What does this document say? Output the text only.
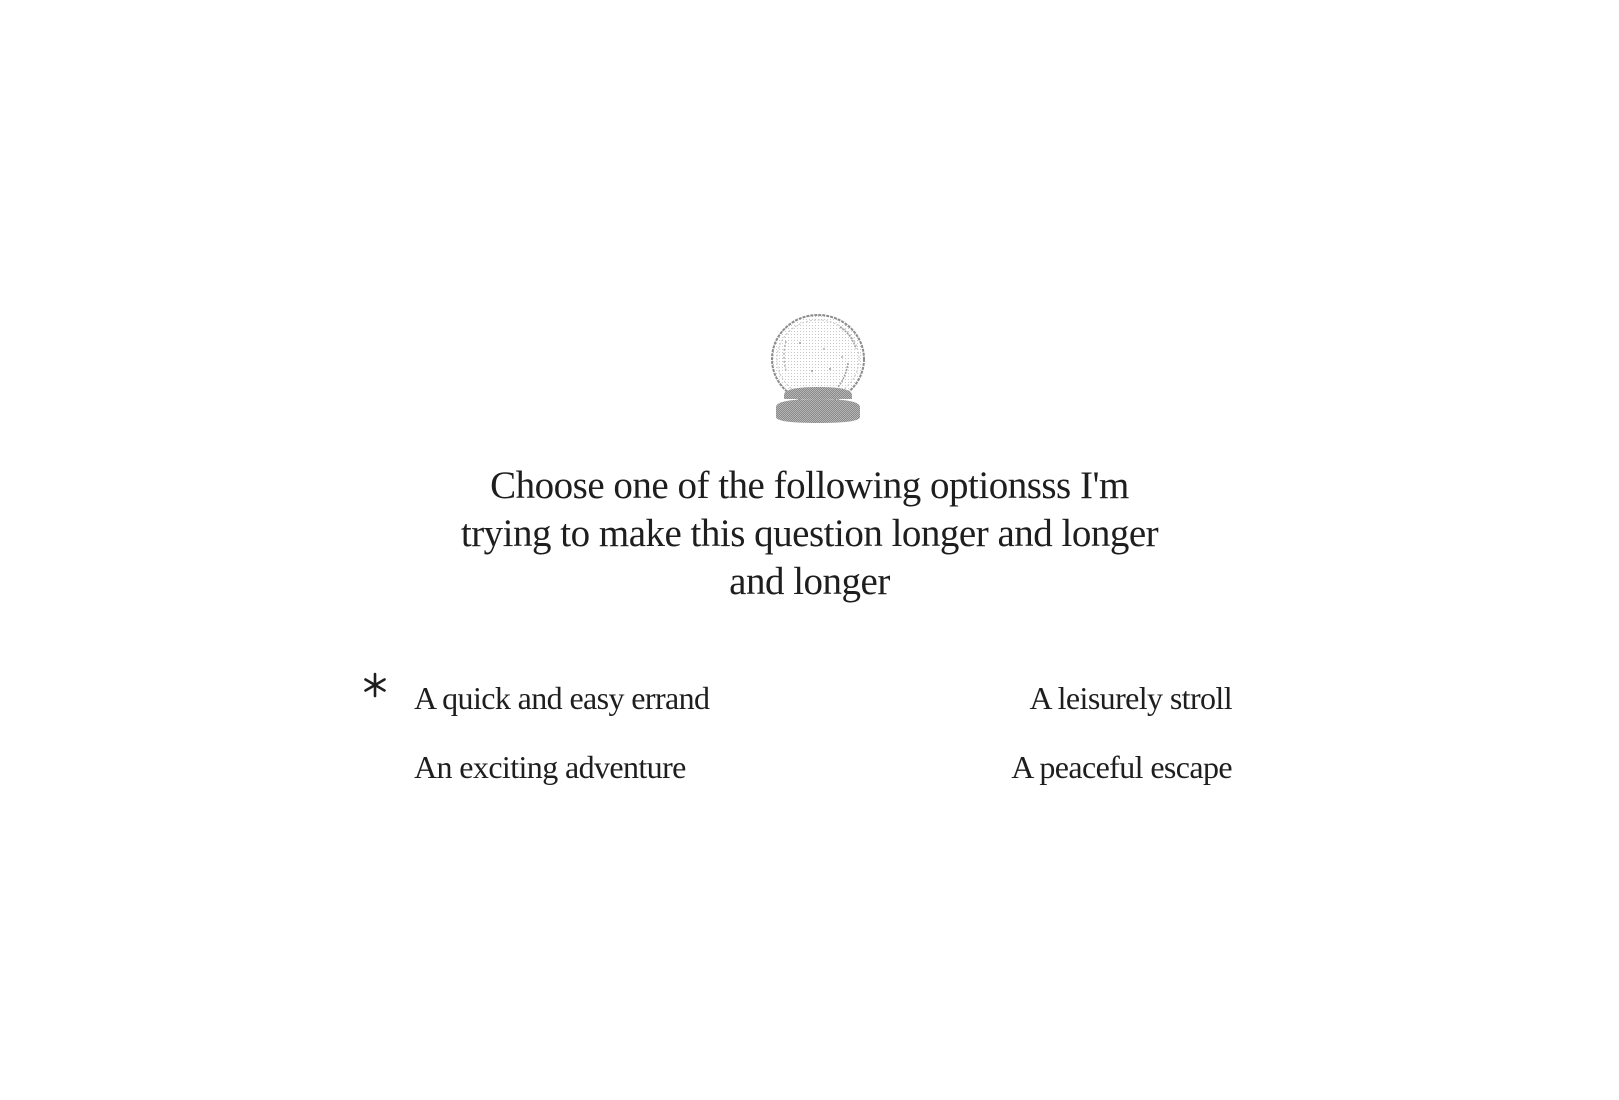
Choose one of the following optionsss I'm trying to make this question longer and longer and longer
A quick and easy errand	A leisurely stroll
An exciting adventure	A peaceful escape
